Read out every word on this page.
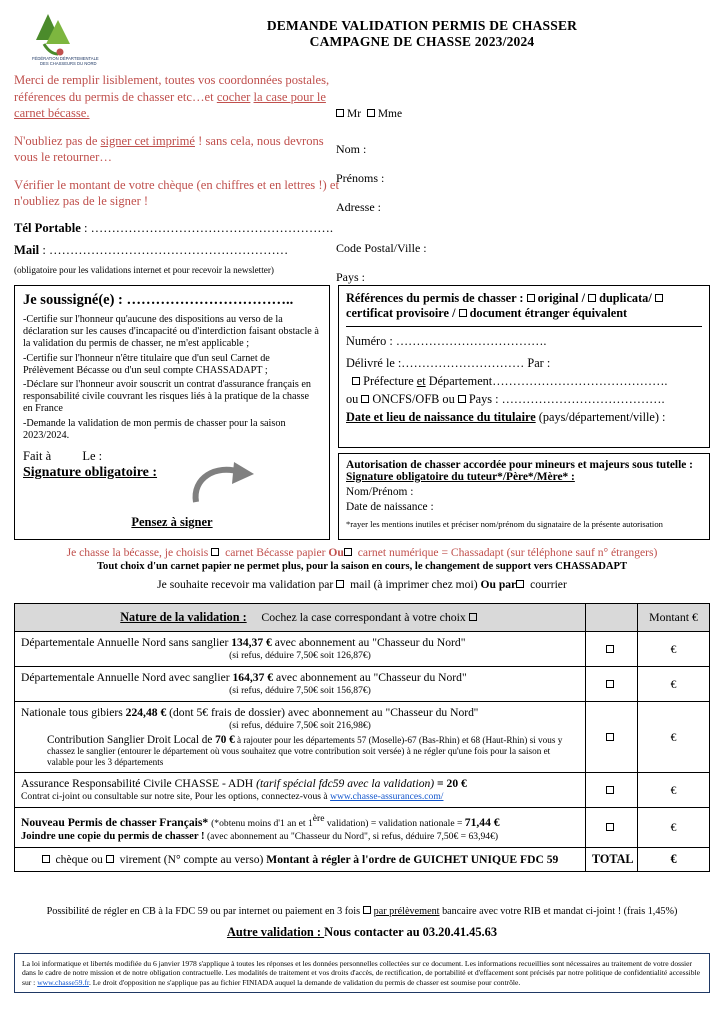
FÉDÉRATION DÉPARTEMENTALE
DES CHASSEURS DU NORD
DEMANDE VALIDATION PERMIS DE CHASSER
CAMPAGNE DE CHASSE 2023/2024

Merci de remplir lisiblement, toutes vos coordonnées postales, références du permis de chasser etc…et cocher la case pour le carnet bécasse.

N'oubliez pas de signer cet imprimé ! sans cela, nous devrons vous le retourner…

Vérifier le montant de votre chèque (en chiffres et en lettres !) et n'oubliez pas de le signer !

Tél Portable : ………………………………………………….
Mail : …………………………………………………
(obligatoire pour les validations internet et pour recevoir la newsletter)
Mr Mme
Nom :
Prénoms :
Adresse :
Code Postal/Ville :
Pays :
Je soussigné(e) : ……………………………..

-Certifie sur l'honneur qu'aucune des dispositions au verso de la déclaration sur les causes d'incapacité ou d'interdiction faisant obstacle à la validation du permis de chasser, ne m'est applicable ;

-Certifie sur l'honneur n'être titulaire que d'un seul Carnet de Prélèvement Bécasse ou d'un seul compte CHASSADAPT ;

-Déclare sur l'honneur avoir souscrit un contrat d'assurance français en responsabilité civile couvrant les risques liés à la pratique de la chasse en France

-Demande la validation de mon permis de chasser pour la saison 2023/2024.

Fait à	Le :
Signature obligatoire :
Pensez à signer
Références du permis de chasser : original / duplicata/ certificat provisoire / document étranger équivalent
Numéro : ……………………………….
Délivré le :………………………… Par :
Préfecture et Département…………………………………….
ou ONCFS/OFB ou Pays : ………………………………….
Date et lieu de naissance du titulaire (pays/département/ville) :
Autorisation de chasser accordée pour mineurs et majeurs sous tutelle :
Signature obligatoire du tuteur*/Père*/Mère* :
Nom/Prénom :
Date de naissance :
*rayer les mentions inutiles et préciser nom/prénom du signataire de la présente autorisation
Je chasse la bécasse, je choisis  carnet Bécasse papier Ou carnet numérique = Chassadapt (sur téléphone sauf n° étrangers)
Tout choix d'un carnet papier ne permet plus, pour la saison en cours, le changement de support vers CHASSADAPT
Je souhaite recevoir ma validation par  mail (à imprimer chez moi) Ou par courrier
Nature de la validation : Cochez la case correspondant à votre choix		Montant €
Départementale Annuelle Nord sans sanglier 134,37 € avec abonnement au "Chasseur du Nord"
(si refus, déduire 7,50€ soit 126,87€)		€
Départementale Annuelle Nord avec sanglier 164,37 € avec abonnement au "Chasseur du Nord"
(si refus, déduire 7,50€ soit 156,87€)		€
Nationale tous gibiers 224,48 € (dont 5€ frais de dossier) avec abonnement au "Chasseur du Nord''
(si refus, déduire 7,50€ soit 216,98€)
Contribution Sanglier Droit Local de 70 € à rajouter pour les départements 57 (Moselle)-67 (Bas-Rhin) et 68 (Haut-Rhin) si vous y chassez le sanglier (entourer le département où vous souhaitez que votre contribution soit versée) à ne régler qu'une fois pour la saison et valable pour les 3 départements		€
Assurance Responsabilité Civile CHASSE - ADH (tarif spécial fdc59 avec la validation) = 20 €
Contrat ci-joint ou consultable sur notre site, Pour les options, connectez-vous à www.chasse-assurances.com/		€
Nouveau Permis de chasser Français* (*obtenu moins d'1 an et 1ère validation) = validation nationale = 71,44 €
Joindre une copie du permis de chasser ! (avec abonnement au "Chasseur du Nord", si refus, déduire 7,50€ = 63,94€)		€
chèque ou  virement (N° compte au verso) Montant à régler à l'ordre de GUICHET UNIQUE FDC 59	TOTAL	€
Possibilité de régler en CB à la FDC 59 ou par internet ou paiement en 3 fois par prélèvement bancaire avec votre RIB et mandat ci-joint ! (frais 1,45%)
Autre validation : Nous contacter au 03.20.41.45.63
La loi informatique et libertés modifiée du 6 janvier 1978 s'applique à toutes les réponses et les données personnelles collectées sur ce document. Les informations recueillies sont nécessaires au traitement de votre dossier dans le cadre de notre mission et de notre obligation contractuelle. Les modalités de traitement et vos droits d'accès, de rectification, de portabilité et d'effacement sont précisés par notre politique de confidentialité accessible sur : www.chasse59.fr. Le droit d'opposition ne s'applique pas au fichier FINIADA auquel la demande de validation du permis de chasser est soumise pour contrôle.
